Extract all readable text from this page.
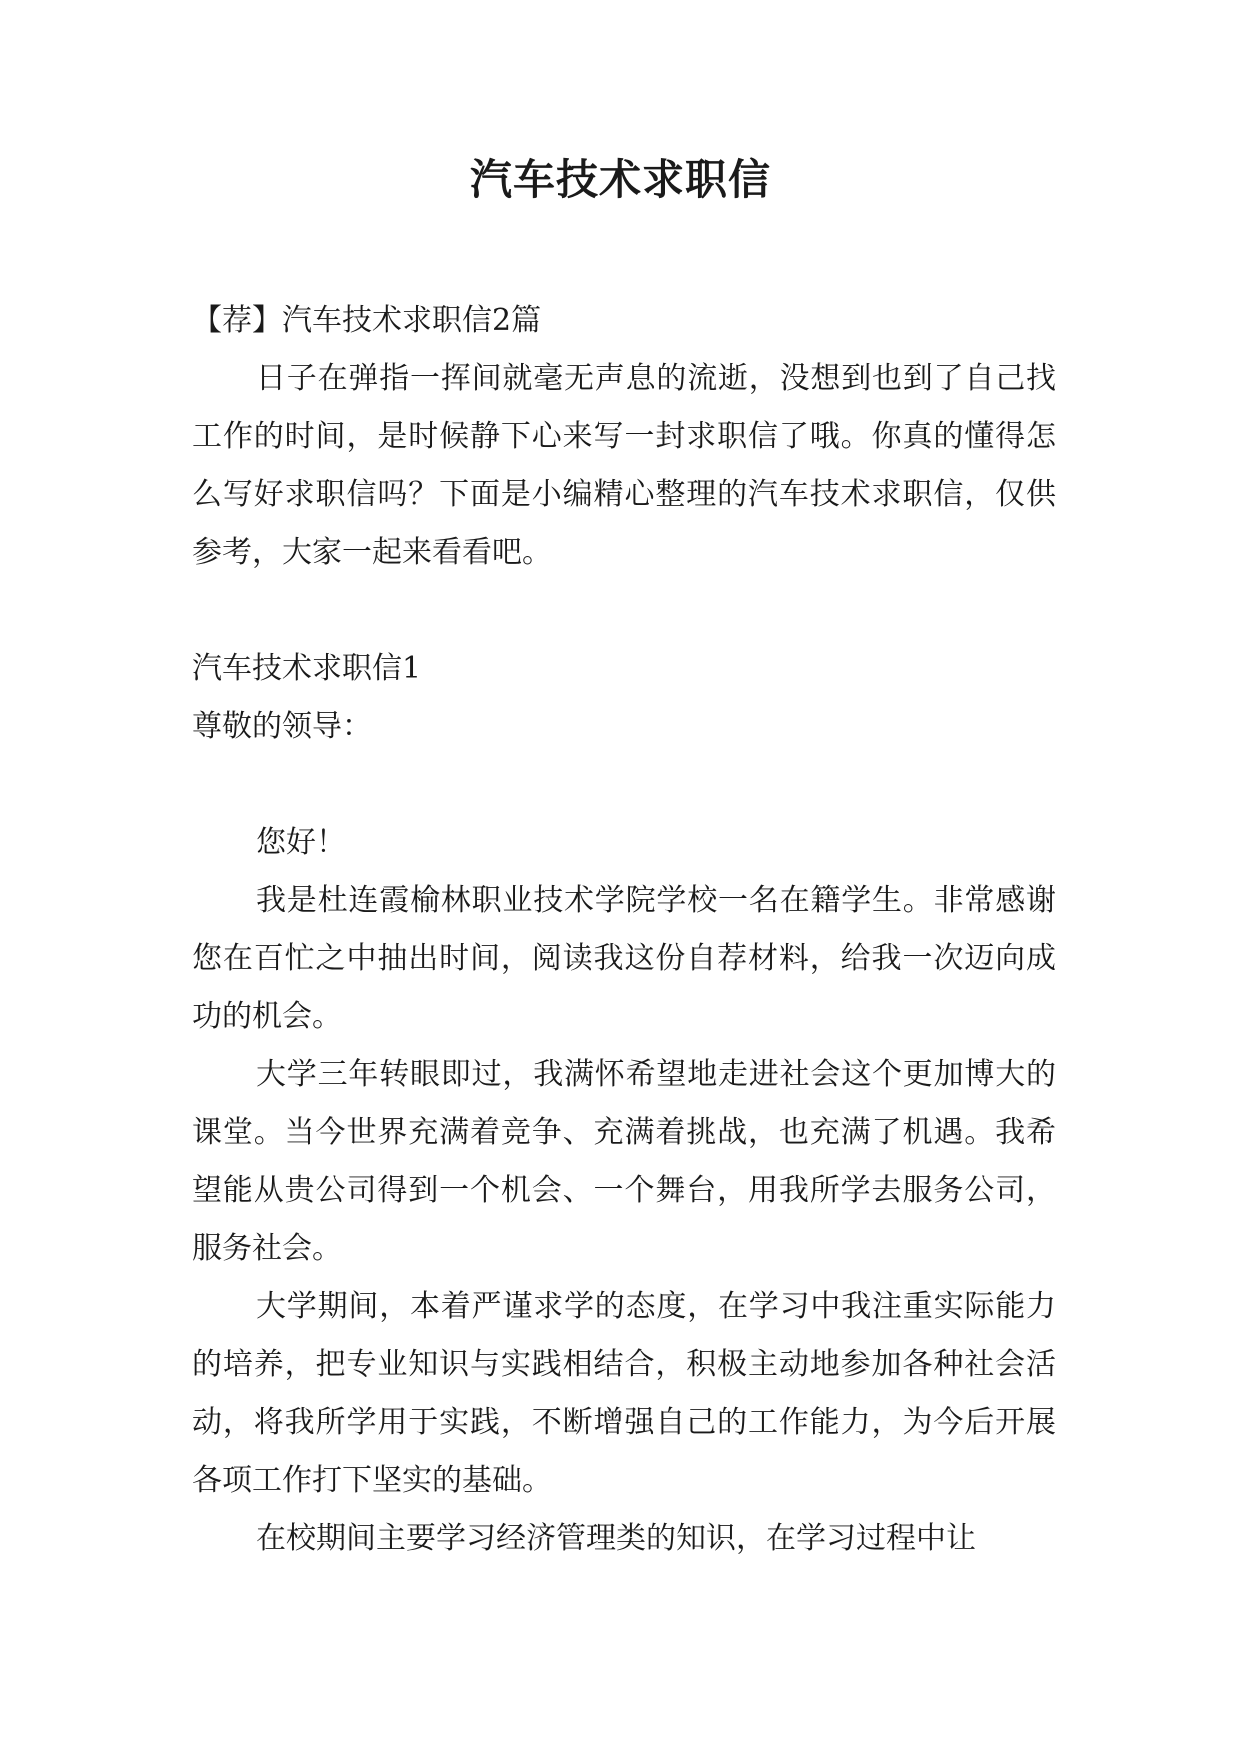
汽车技术求职信

【荐】汽车技术求职信2篇

日子在弹指一挥间就毫无声息的流逝，没想到也到了自己找工作的时间，是时候静下心来写一封求职信了哦。你真的懂得怎么写好求职信吗？下面是小编精心整理的汽车技术求职信，仅供参考，大家一起来看看吧。

汽车技术求职信1

尊敬的领导：

您好！

我是杜连霞榆林职业技术学院学校一名在籍学生。非常感谢您在百忙之中抽出时间，阅读我这份自荐材料，给我一次迈向成功的机会。

大学三年转眼即过，我满怀希望地走进社会这个更加博大的课堂。当今世界充满着竞争、充满着挑战，也充满了机遇。我希望能从贵公司得到一个机会、一个舞台，用我所学去服务公司，服务社会。

大学期间，本着严谨求学的态度，在学习中我注重实际能力的培养，把专业知识与实践相结合，积极主动地参加各种社会活动，将我所学用于实践，不断增强自己的工作能力，为今后开展各项工作打下坚实的基础。

在校期间主要学习经济管理类的知识，在学习过程中让
